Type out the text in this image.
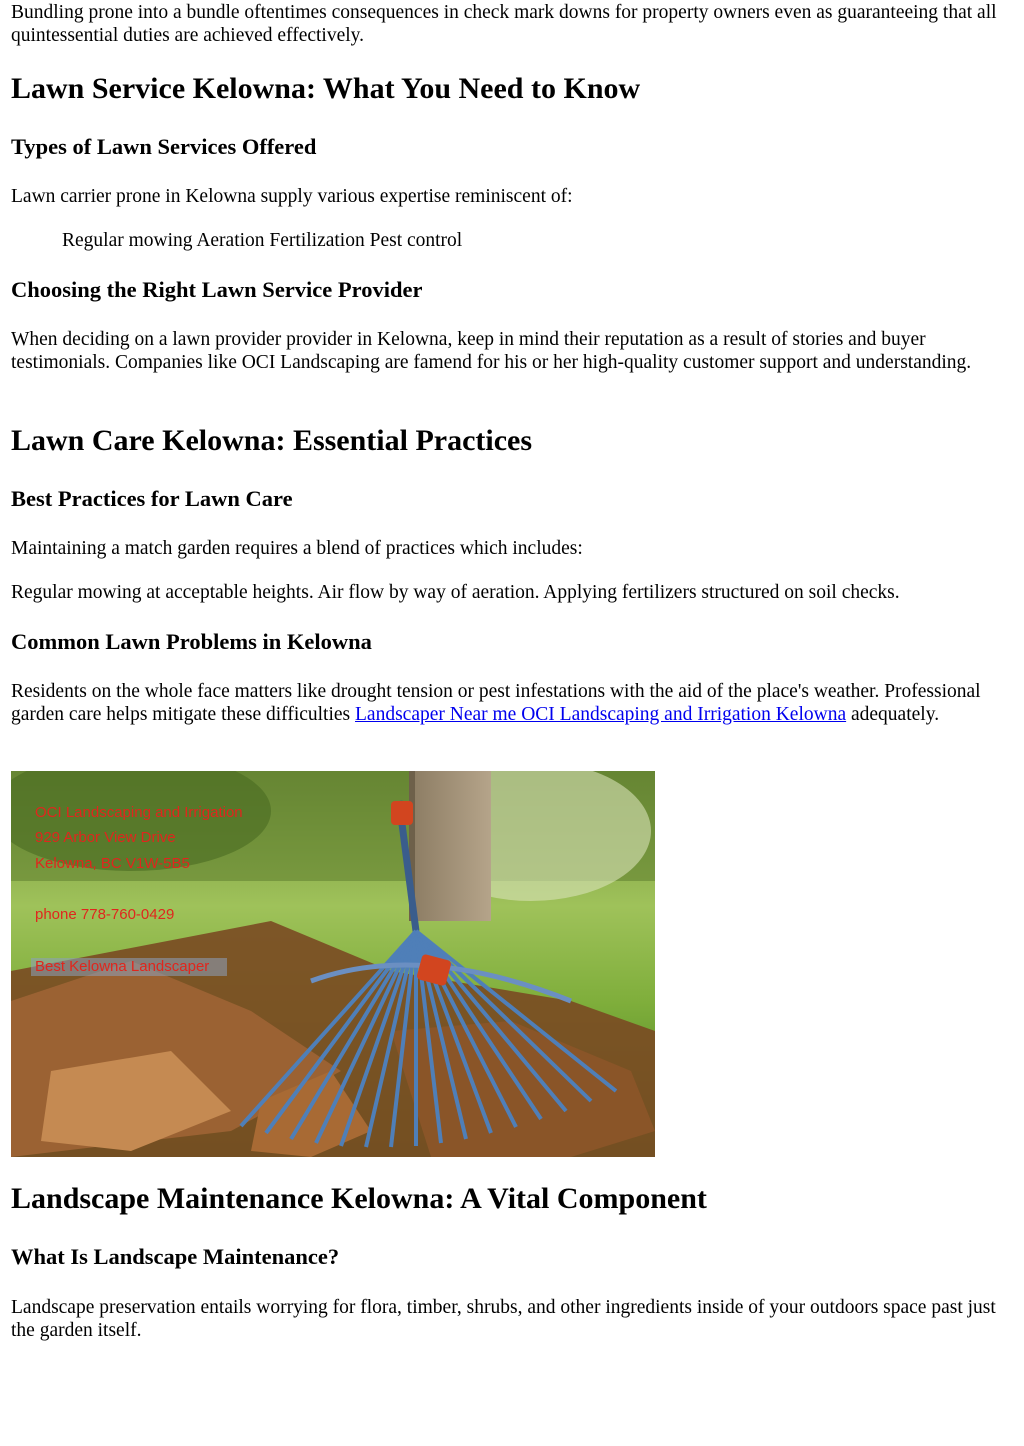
Bundling prone into a bundle oftentimes consequences in check mark downs for property owners even as guaranteeing that all quintessential duties are achieved effectively.

Lawn Service Kelowna: What You Need to Know
Types of Lawn Services Offered

Lawn carrier prone in Kelowna supply various expertise reminiscent of:

Regular mowing Aeration Fertilization Pest control

Choosing the Right Lawn Service Provider

When deciding on a lawn provider provider in Kelowna, keep in mind their reputation as a result of stories and buyer testimonials. Companies like OCI Landscaping are famend for his or her high-quality customer support and understanding.

Lawn Care Kelowna: Essential Practices
Best Practices for Lawn Care

Maintaining a match garden requires a blend of practices which includes:

Regular mowing at acceptable heights. Air flow by way of aeration. Applying fertilizers structured on soil checks.

Common Lawn Problems in Kelowna

Residents on the whole face matters like drought tension or pest infestations with the aid of the place's weather. Professional garden care helps mitigate these difficulties Landscaper Near me OCI Landscaping and Irrigation Kelowna adequately.

OCI Landscaping and Irrigation
929 Arbor View Drive
Kelowna, BC V1W-5B5
phone 778-760-0429
Best Kelowna Landscaper
Landscape Maintenance Kelowna: A Vital Component
What Is Landscape Maintenance?

Landscape preservation entails worrying for flora, timber, shrubs, and other ingredients inside of your outdoors space past just the garden itself.
